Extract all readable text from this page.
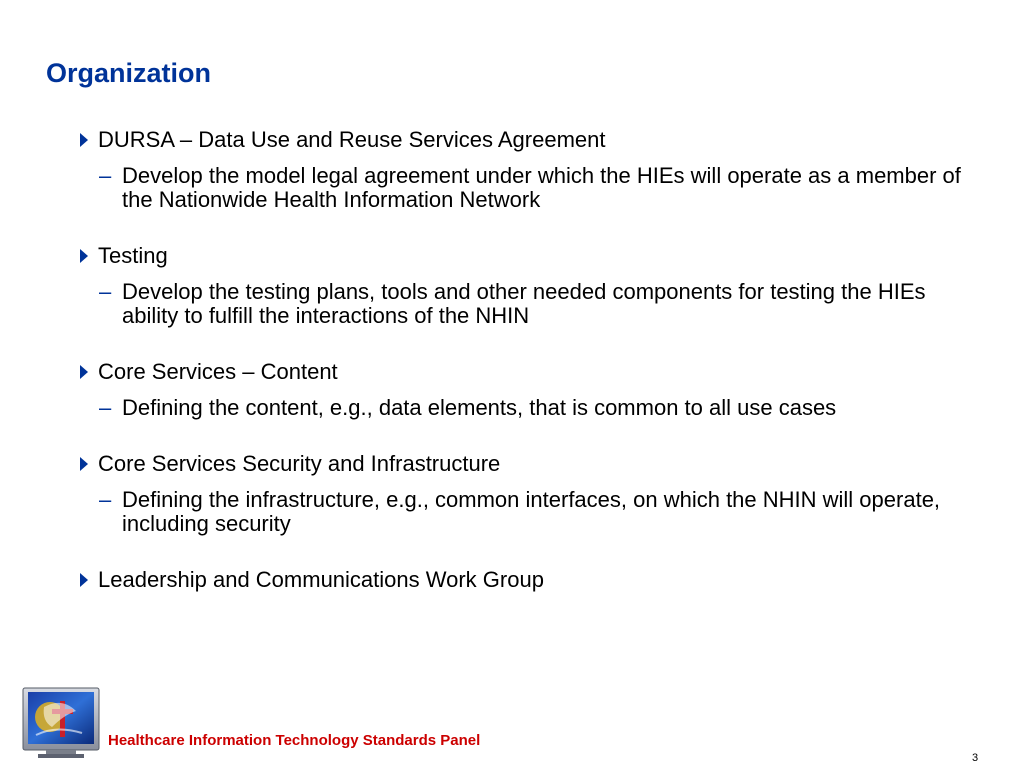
Organization
DURSA – Data Use and Reuse Services Agreement
– Develop the model legal agreement under which the HIEs will operate as a member of the Nationwide Health Information Network
Testing
– Develop the testing plans, tools and other needed components for testing the HIEs ability to fulfill the interactions of the NHIN
Core Services – Content
– Defining the content, e.g., data elements, that is common to all use cases
Core Services Security and Infrastructure
– Defining the infrastructure, e.g., common interfaces, on which the NHIN will operate, including security
Leadership and Communications Work Group
Healthcare Information Technology Standards Panel
3
